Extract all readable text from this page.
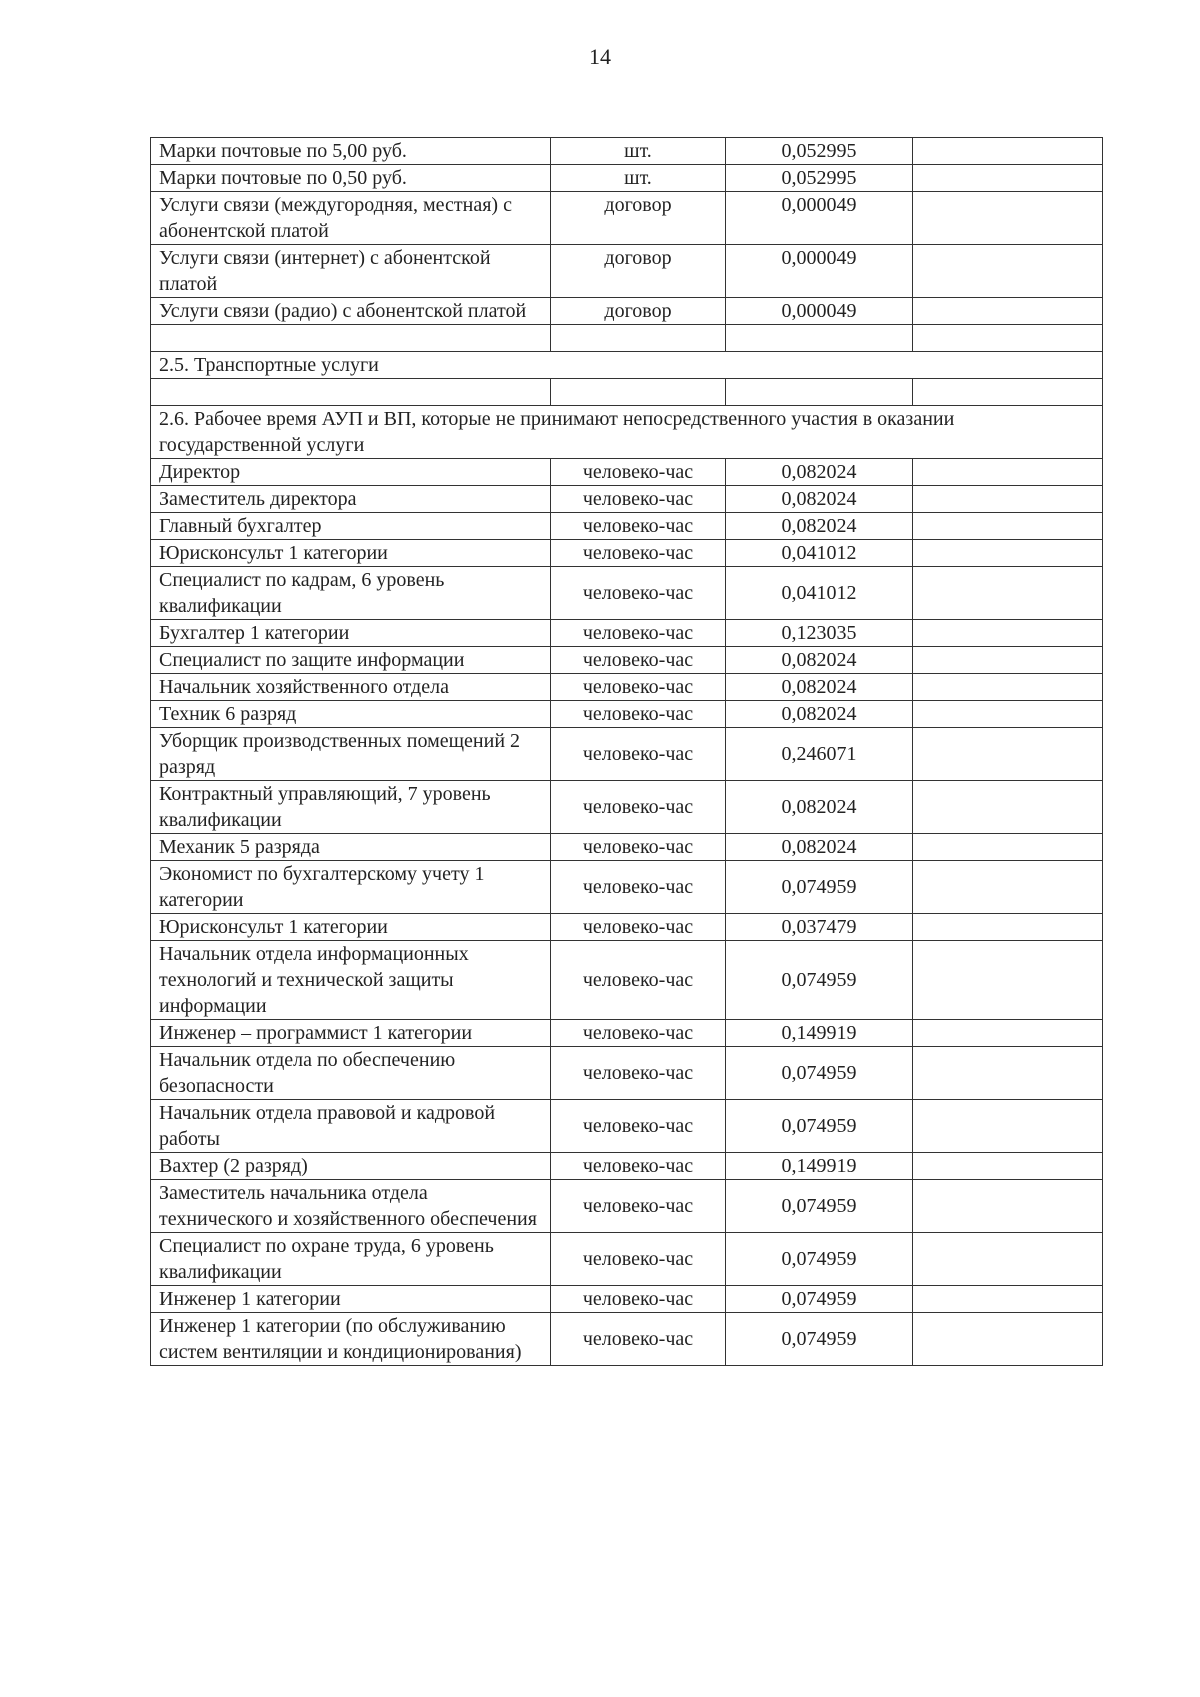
14
Марки почтовые по 5,00 руб.	шт.	0,052995	
Марки почтовые по 0,50 руб.	шт.	0,052995	
Услуги связи (междугородняя, местная) с абонентской платой	договор	0,000049	
Услуги связи (интернет) с абонентской платой	договор	0,000049	
Услуги связи (радио) с абонентской платой	договор	0,000049	

2.5. Транспортные услуги			

2.6. Рабочее время АУП и ВП, которые не принимают непосредственного участия в оказании государственной услуги			
Директор	человеко-час	0,082024	
Заместитель директора	человеко-час	0,082024	
Главный бухгалтер	человеко-час	0,082024	
Юрисконсульт 1 категории	человеко-час	0,041012	
Специалист по кадрам, 6 уровень квалификации	человеко-час	0,041012	
Бухгалтер 1 категории	человеко-час	0,123035	
Специалист по защите информации	человеко-час	0,082024	
Начальник хозяйственного отдела	человеко-час	0,082024	
Техник 6 разряд	человеко-час	0,082024	
Уборщик производственных помещений 2 разряд	человеко-час	0,246071	
Контрактный управляющий, 7 уровень квалификации	человеко-час	0,082024	
Механик 5 разряда	человеко-час	0,082024	
Экономист по бухгалтерскому учету 1 категории	человеко-час	0,074959	
Юрисконсульт 1 категории	человеко-час	0,037479	
Начальник отдела информационных технологий и технической защиты информации	человеко-час	0,074959	
Инженер – программист 1 категории	человеко-час	0,149919	
Начальник отдела по обеспечению безопасности	человеко-час	0,074959	
Начальник отдела правовой и кадровой работы	человеко-час	0,074959	
Вахтер (2 разряд)	человеко-час	0,149919	
Заместитель начальника отдела технического и хозяйственного обеспечения	человеко-час	0,074959	
Специалист по охране труда, 6 уровень квалификации	человеко-час	0,074959	
Инженер 1 категории	человеко-час	0,074959	
Инженер 1 категории (по обслуживанию систем вентиляции и кондиционирования)	человеко-час	0,074959	
